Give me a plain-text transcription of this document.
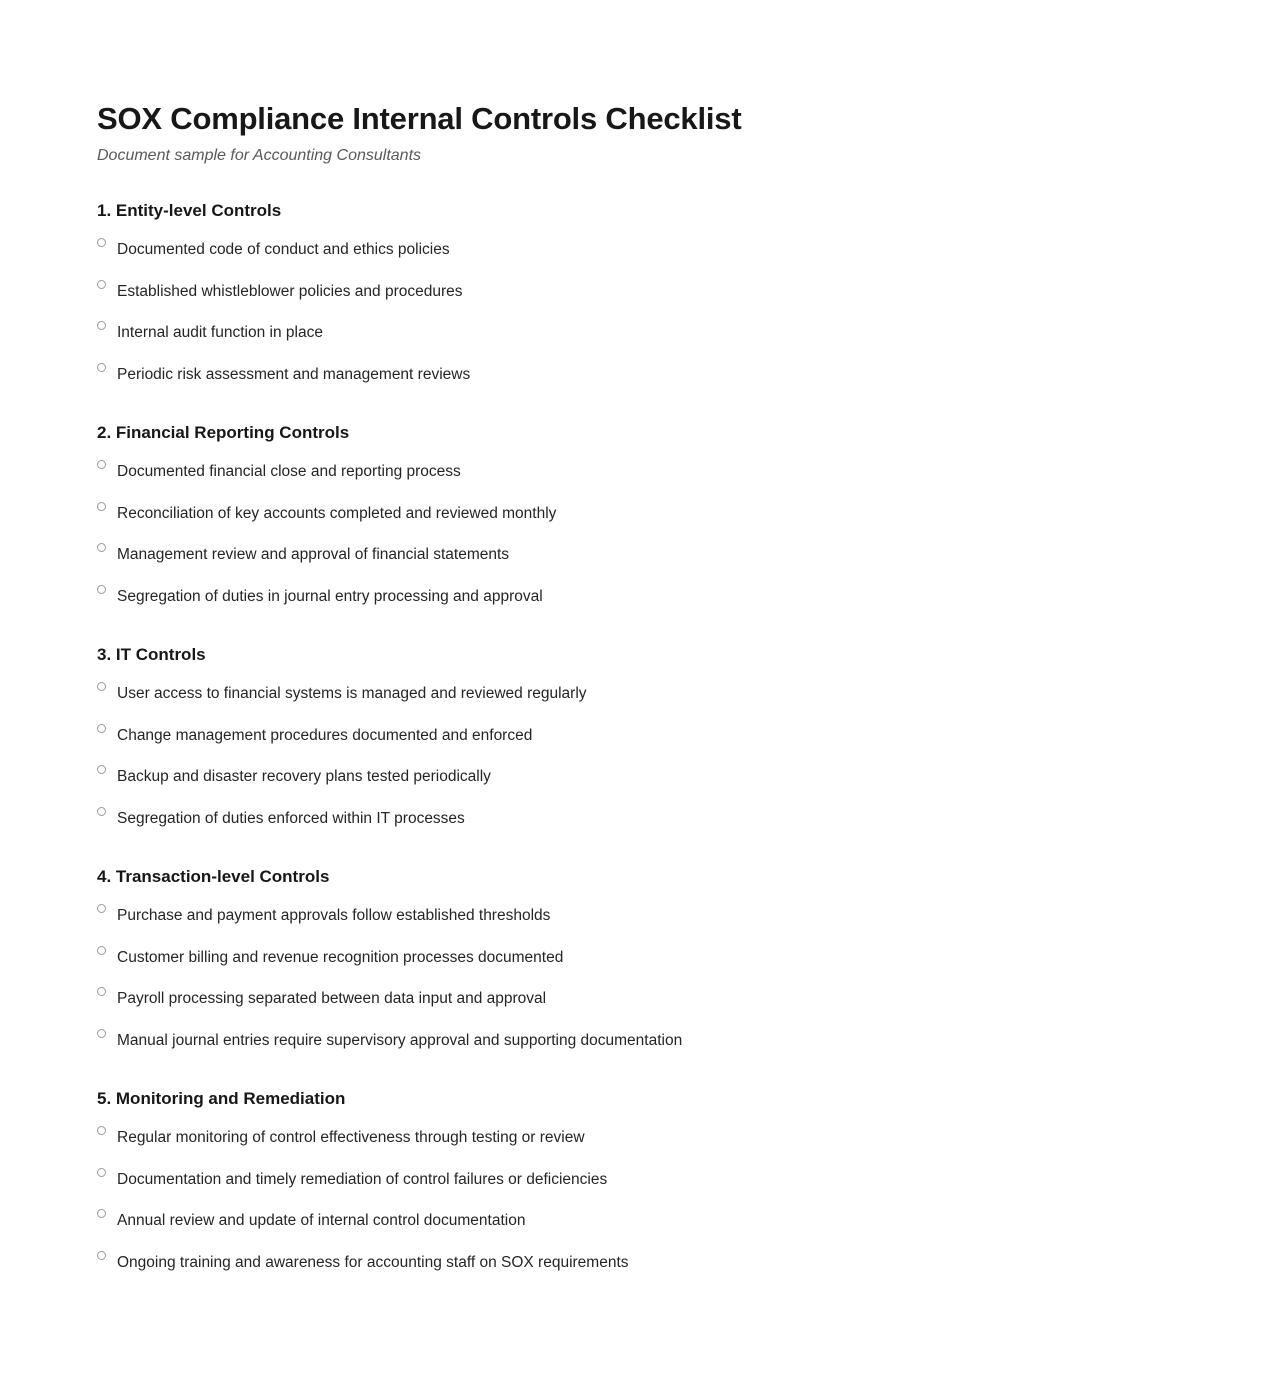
SOX Compliance Internal Controls Checklist

Document sample for Accounting Consultants

1. Entity-level Controls
Documented code of conduct and ethics policies
Established whistleblower policies and procedures
Internal audit function in place
Periodic risk assessment and management reviews
2. Financial Reporting Controls
Documented financial close and reporting process
Reconciliation of key accounts completed and reviewed monthly
Management review and approval of financial statements
Segregation of duties in journal entry processing and approval
3. IT Controls
User access to financial systems is managed and reviewed regularly
Change management procedures documented and enforced
Backup and disaster recovery plans tested periodically
Segregation of duties enforced within IT processes
4. Transaction-level Controls
Purchase and payment approvals follow established thresholds
Customer billing and revenue recognition processes documented
Payroll processing separated between data input and approval
Manual journal entries require supervisory approval and supporting documentation
5. Monitoring and Remediation
Regular monitoring of control effectiveness through testing or review
Documentation and timely remediation of control failures or deficiencies
Annual review and update of internal control documentation
Ongoing training and awareness for accounting staff on SOX requirements
